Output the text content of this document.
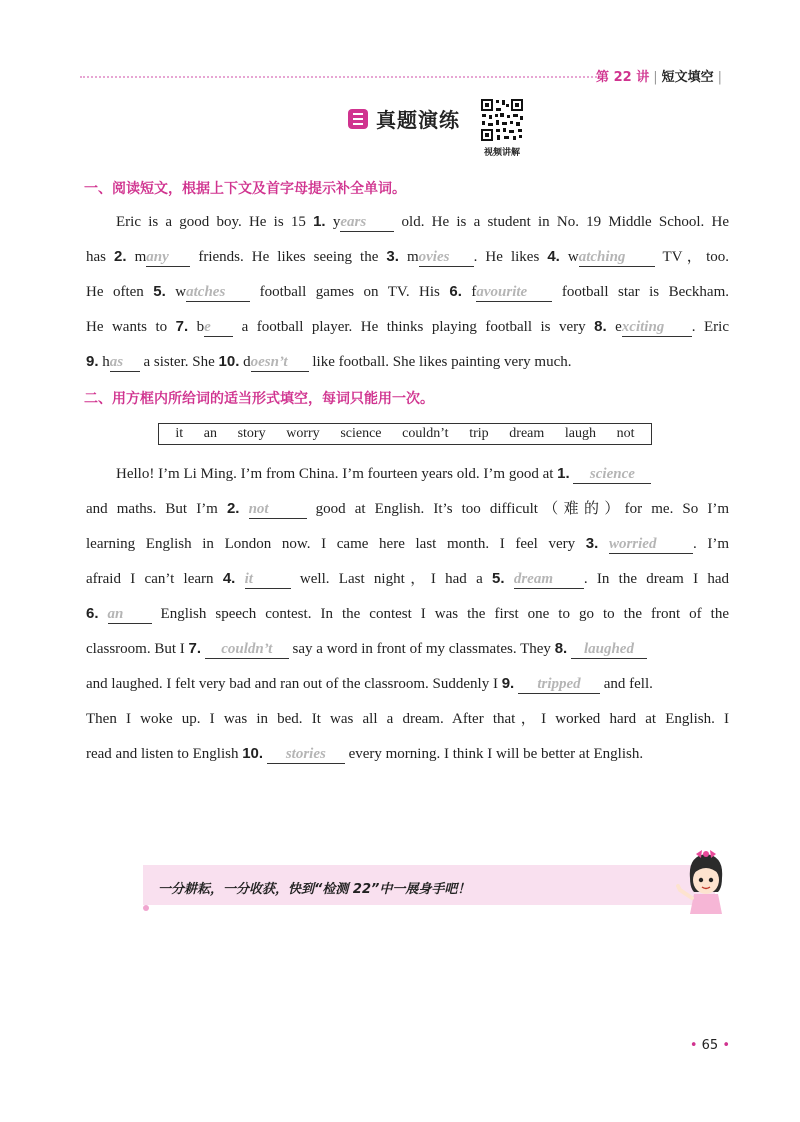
第 22 讲 | 短文填空 |
真题演练
视频讲解
一、阅读短文，根据上下文及首字母提示补全单词。
Eric is a good boy. He is 15 1. years old. He is a student in No. 19 Middle School. He
has 2. many friends. He likes seeing the 3. movies . He likes 4. watching TV，too.
He often 5. watches football games on TV. His 6. favourite football star is Beckham.
He wants to 7. be a football player. He thinks playing football is very 8. exciting . Eric
9. has a sister. She 10. doesn’t like football. She likes painting very much.
二、用方框内所给词的适当形式填空，每词只能用一次。
it an story worry science couldn’t trip dream laugh not
Hello! I’m Li Ming. I’m from China. I’m fourteen years old. I’m good at 1. science
and maths. But I’m 2. not	good at English. It’s too difficult（难的）for me. So I’m
learning English in London now. I came here last month. I feel very 3. worried . I’m
afraid I can’t learn 4. it	well. Last night，I had a 5. dream . In the dream I had
6. an English speech contest. In the contest I was the first one to go to the front of the
classroom. But I 7. couldn’t say a word in front of my classmates. They 8. laughed
and laughed. I felt very bad and ran out of the classroom. Suddenly I 9. tripped and fell.
Then I woke up. I was in bed. It was all a dream. After that，I worked hard at English. I
read and listen to English 10. stories every morning. I think I will be better at English.
一分耕耘，一分收获，快到“检测 22”中一展身手吧！
• 65 •
